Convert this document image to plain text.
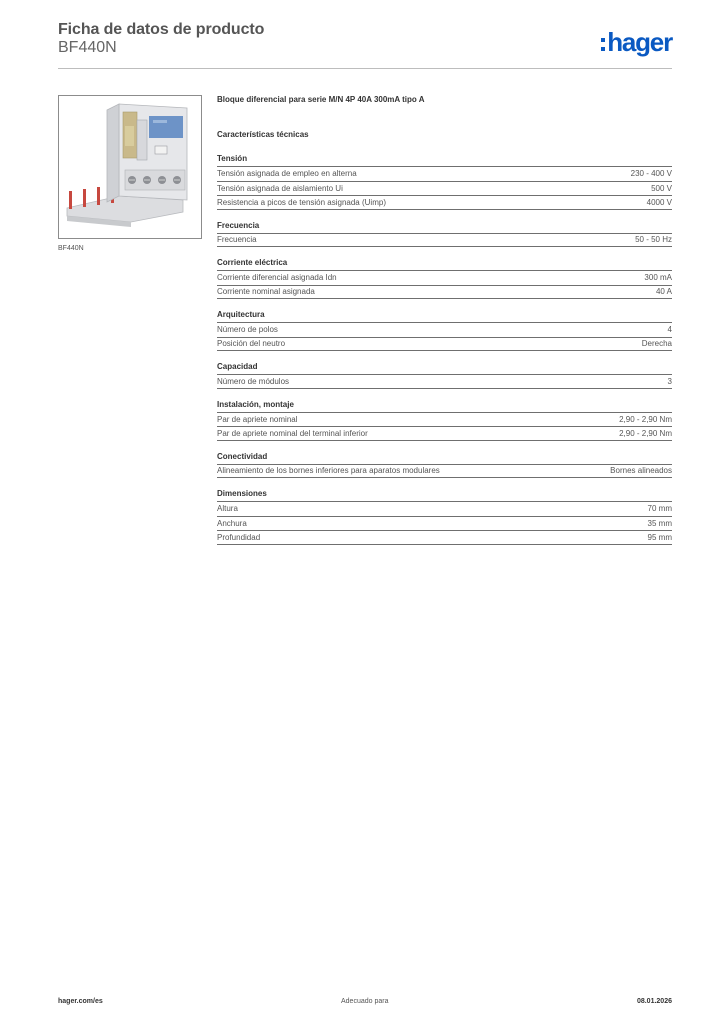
Ficha de datos de producto
BF440N	hager
BF440N
Bloque diferencial para serie M/N 4P 40A 300mA tipo A
Características técnicas
Tensión
Tensión asignada de empleo en alterna	230 - 400 V
Tensión asignada de aislamiento Ui	500 V
Resistencia a picos de tensión asignada (Uimp)	4000 V
Frecuencia
Frecuencia	50 - 50 Hz
Corriente eléctrica
Corriente diferencial asignada Idn	300 mA
Corriente nominal asignada	40 A
Arquitectura
Número de polos	4
Posición del neutro	Derecha
Capacidad
Número de módulos	3
Instalación, montaje
Par de apriete nominal	2,90 - 2,90 Nm
Par de apriete nominal del terminal inferior	2,90 - 2,90 Nm
Conectividad
Alineamiento de los bornes inferiores para aparatos modulares	Bornes alineados
Dimensiones
Altura	70 mm
Anchura	35 mm
Profundidad	95 mm
hager.com/es	Adecuado para	08.01.2026
